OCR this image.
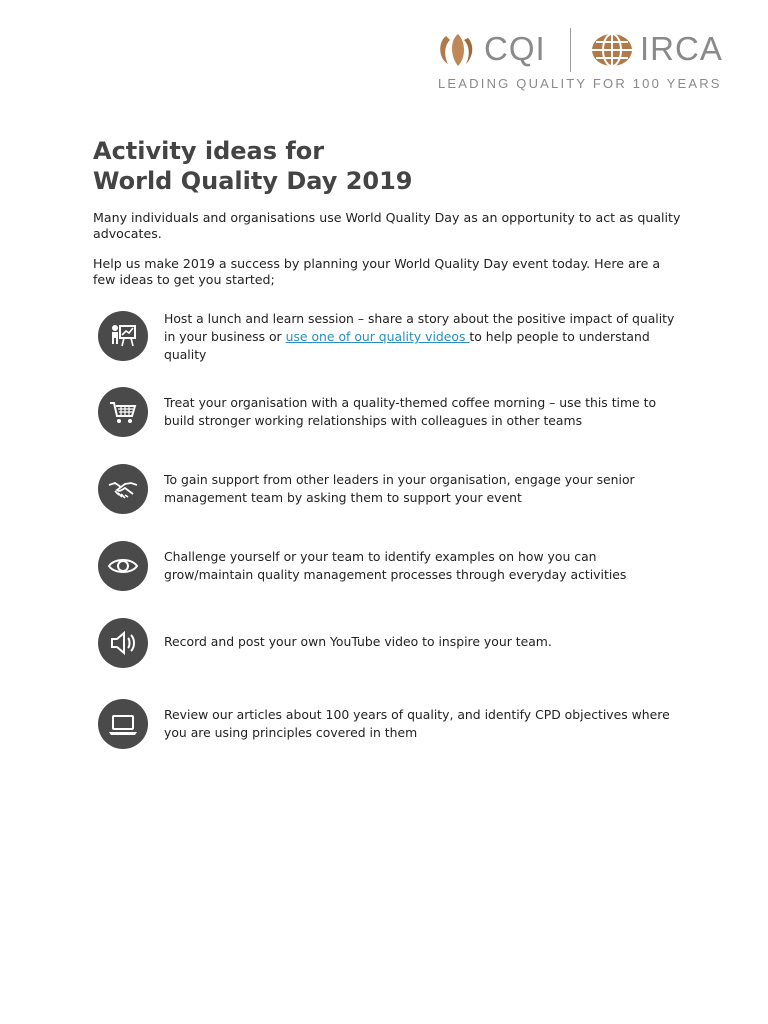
CQI	IRCA
LEADING QUALITY FOR 100 YEARS
Activity ideas for
World Quality Day 2019
Many individuals and organisations use World Quality Day as an opportunity to act as quality advocates.
Help us make 2019 a success by planning your World Quality Day event today. Here are a few ideas to get you started;
Host a lunch and learn session – share a story about the positive impact of quality in your business or use one of our quality videos to help people to understand quality
Treat your organisation with a quality-themed coffee morning – use this time to build stronger working relationships with colleagues in other teams
To gain support from other leaders in your organisation, engage your senior management team by asking them to support your event
Challenge yourself or your team to identify examples on how you can grow/maintain quality management processes through everyday activities
Record and post your own YouTube video to inspire your team.
Review our articles about 100 years of quality, and identify CPD objectives where you are using principles covered in them
